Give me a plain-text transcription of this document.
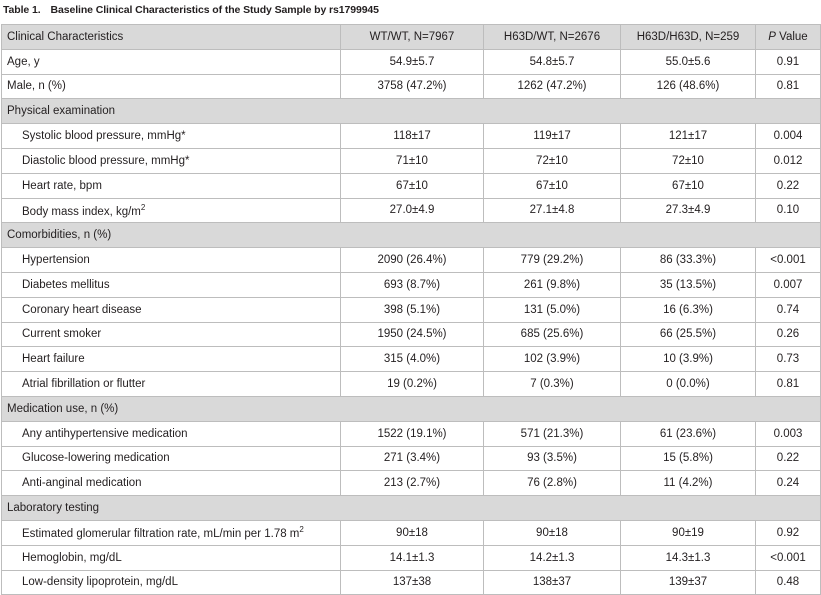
Table 1. Baseline Clinical Characteristics of the Study Sample by rs1799945
Clinical Characteristics	WT/WT, N=7967	H63D/WT, N=2676	H63D/H63D, N=259	P Value
Age, y	54.9±5.7	54.8±5.7	55.0±5.6	0.91
Male, n (%)	3758 (47.2%)	1262 (47.2%)	126 (48.6%)	0.81
Physical examination				
Systolic blood pressure, mmHg*	118±17	119±17	121±17	0.004
Diastolic blood pressure, mmHg*	71±10	72±10	72±10	0.012
Heart rate, bpm	67±10	67±10	67±10	0.22
Body mass index, $kg/m^2$	27.0±4.9	27.1±4.8	27.3±4.9	0.10
Comorbidities, n (%)				
Hypertension	2090 (26.4%)	779 (29.2%)	86 (33.3%)	<0.001
Diabetes mellitus	693 (8.7%)	261 (9.8%)	35 (13.5%)	0.007
Coronary heart disease	398 (5.1%)	131 (5.0%)	16 (6.3%)	0.74
Current smoker	1950 (24.5%)	685 (25.6%)	66 (25.5%)	0.26
Heart failure	315 (4.0%)	102 (3.9%)	10 (3.9%)	0.73
Atrial fibrillation or flutter	19 (0.2%)	7 (0.3%)	0 (0.0%)	0.81
Medication use, n (%)				
Any antihypertensive medication	1522 (19.1%)	571 (21.3%)	61 (23.6%)	0.003
Glucose-lowering medication	271 (3.4%)	93 (3.5%)	15 (5.8%)	0.22
Anti-anginal medication	213 (2.7%)	76 (2.8%)	11 (4.2%)	0.24
Laboratory testing				
Estimated glomerular filtration rate, mL/min per 1.78 $m^2$	90±18	90±18	90±19	0.92
Hemoglobin, mg/dL	14.1±1.3	14.2±1.3	14.3±1.3	<0.001
Low-density lipoprotein, mg/dL	137±38	138±37	139±37	0.48
